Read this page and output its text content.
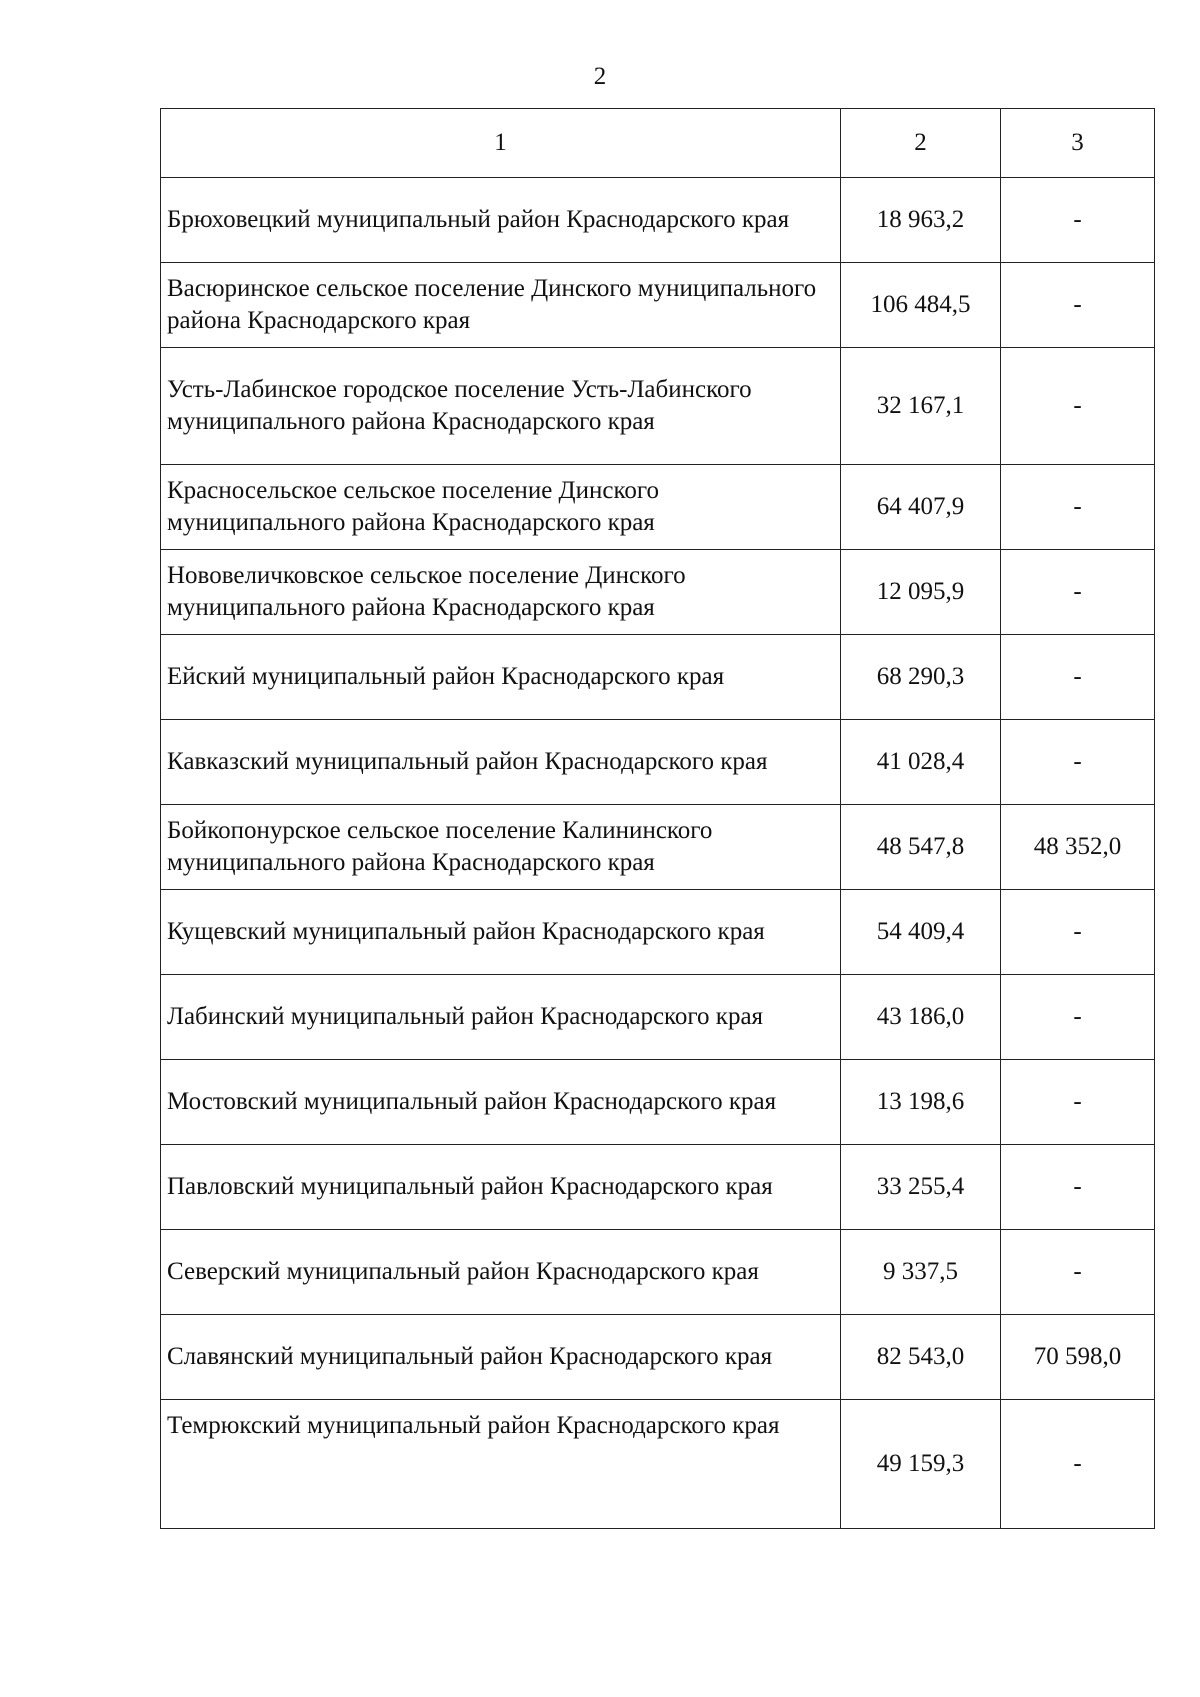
2
1	2	3
Брюховецкий муниципальный район Краснодарского края	18 963,2	-
Васюринское сельское поселение Динского муниципального района Краснодарского края	106 484,5	-
Усть-Лабинское городское поселение Усть-Лабинского муниципального района Краснодарского края	32 167,1	-
Красносельское сельское поселение Динского муниципального района Краснодарского края	64 407,9	-
Нововеличковское сельское поселение Динского муниципального района Краснодарского края	12 095,9	-
Ейский муниципальный район Краснодарского края	68 290,3	-
Кавказский муниципальный район Краснодарского края	41 028,4	-
Бойкопонурское сельское поселение Калининского муниципального района Краснодарского края	48 547,8	48 352,0
Кущевский муниципальный район Краснодарского края	54 409,4	-
Лабинский муниципальный район Краснодарского края	43 186,0	-
Мостовский муниципальный район Краснодарского края	13 198,6	-
Павловский муниципальный район Краснодарского края	33 255,4	-
Северский муниципальный район Краснодарского края	9 337,5	-
Славянский муниципальный район Краснодарского края	82 543,0	70 598,0
Темрюкский муниципальный район Краснодарского края	49 159,3	-
